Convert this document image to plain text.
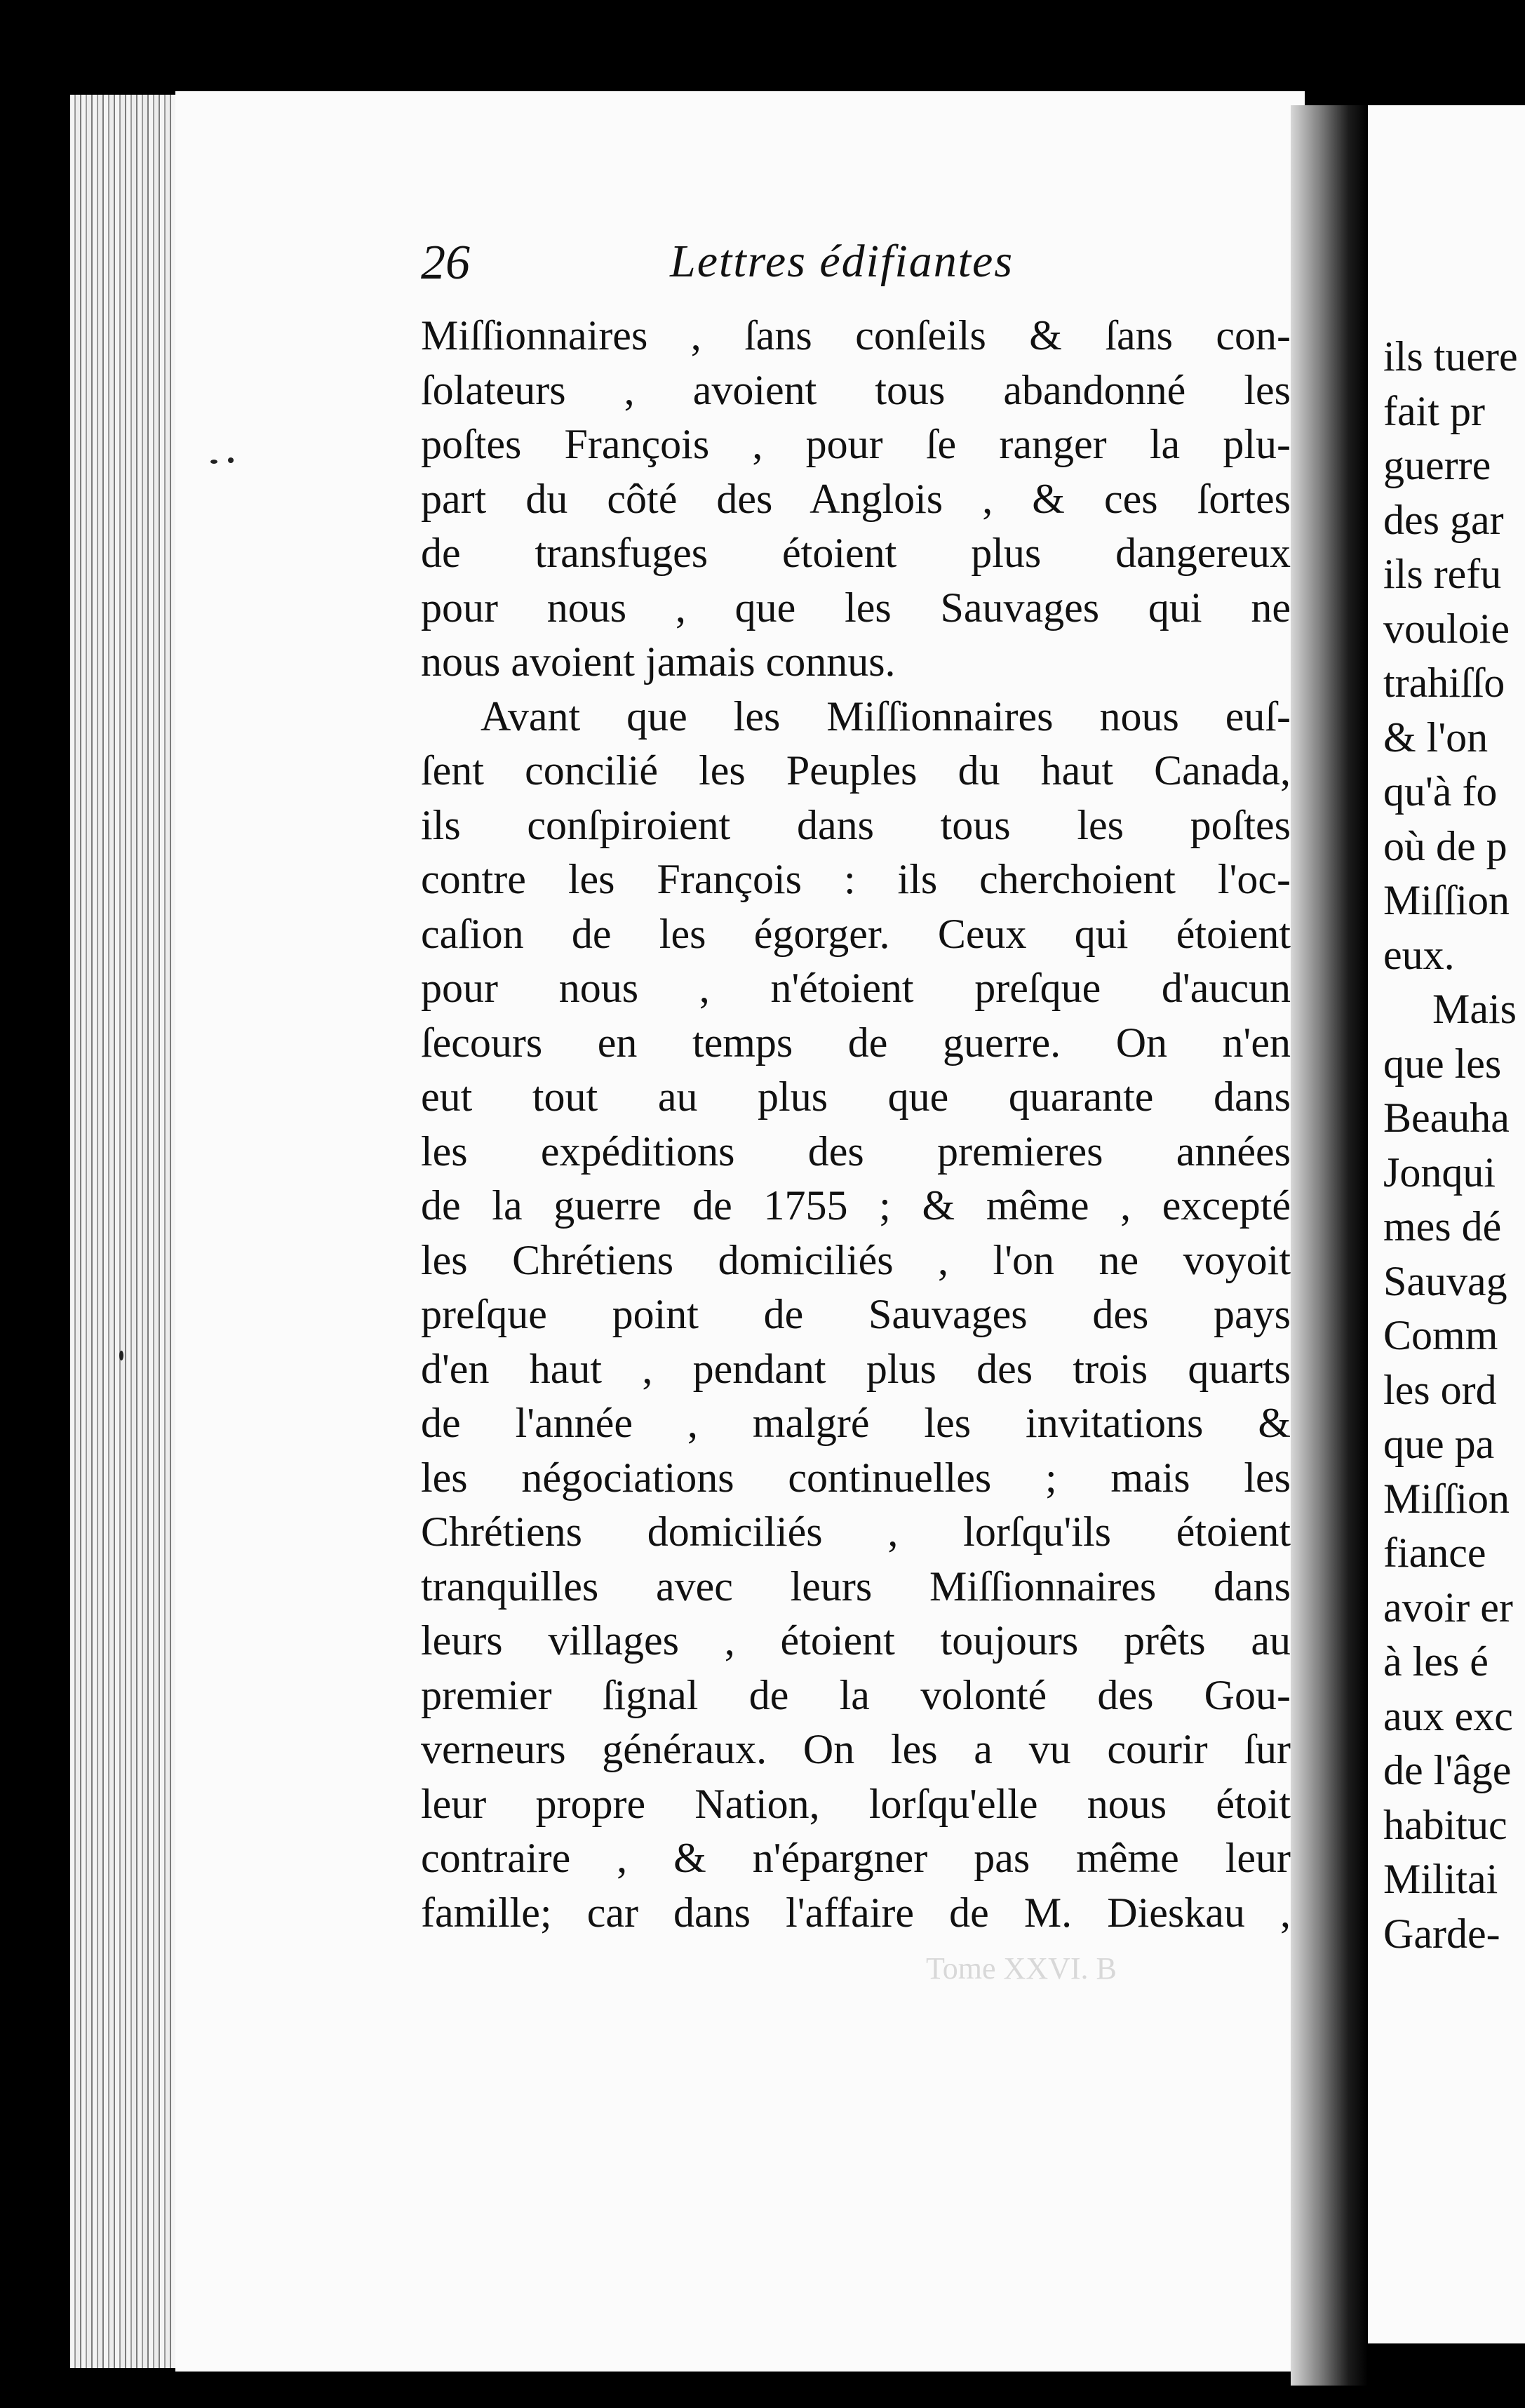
26	Lettres édifiantes
Miſſionnaires , ſans conſeils & ſans con-
ſolateurs , avoient tous abandonné les
poſtes François , pour ſe ranger la plu-
part du côté des Anglois , & ces ſortes
de transfuges étoient plus dangereux
pour nous , que les Sauvages qui ne
nous avoient jamais connus.
Avant que les Miſſionnaires nous euſ-
ſent concilié les Peuples du haut Canada,
ils conſpiroient dans tous les poſtes
contre les François : ils cherchoient l'oc-
caſion de les égorger. Ceux qui étoient
pour nous , n'étoient preſque d'aucun
ſecours en temps de guerre. On n'en
eut tout au plus que quarante dans
les expéditions des premieres années
de la guerre de 1755 ; & même , excepté
les Chrétiens domiciliés , l'on ne voyoit
preſque point de Sauvages des pays
d'en haut , pendant plus des trois quarts
de l'année , malgré les invitations &
les négociations continuelles ; mais les
Chrétiens domiciliés , lorſqu'ils étoient
tranquilles avec leurs Miſſionnaires dans
leurs villages , étoient toujours prêts au
premier ſignal de la volonté des Gou-
verneurs généraux. On les a vu courir ſur
leur propre Nation, lorſqu'elle nous étoit
contraire , & n'épargner pas même leur
famille; car dans l'affaire de M. Dieskau ,
Tome XXVI. B
ils tuere
fait pr
guerre
des gar
ils refu
vouloie
trahiſſo
& l'on
qu'à fo
où de p
Miſſion
eux.
Mais
que les
Beauha
Jonqui
mes dé
Sauvag
Comm
les ord
que pa
Miſſion
fiance
avoir er
à les é
aux exc
de l'âge
habituc
Militai
Garde-
